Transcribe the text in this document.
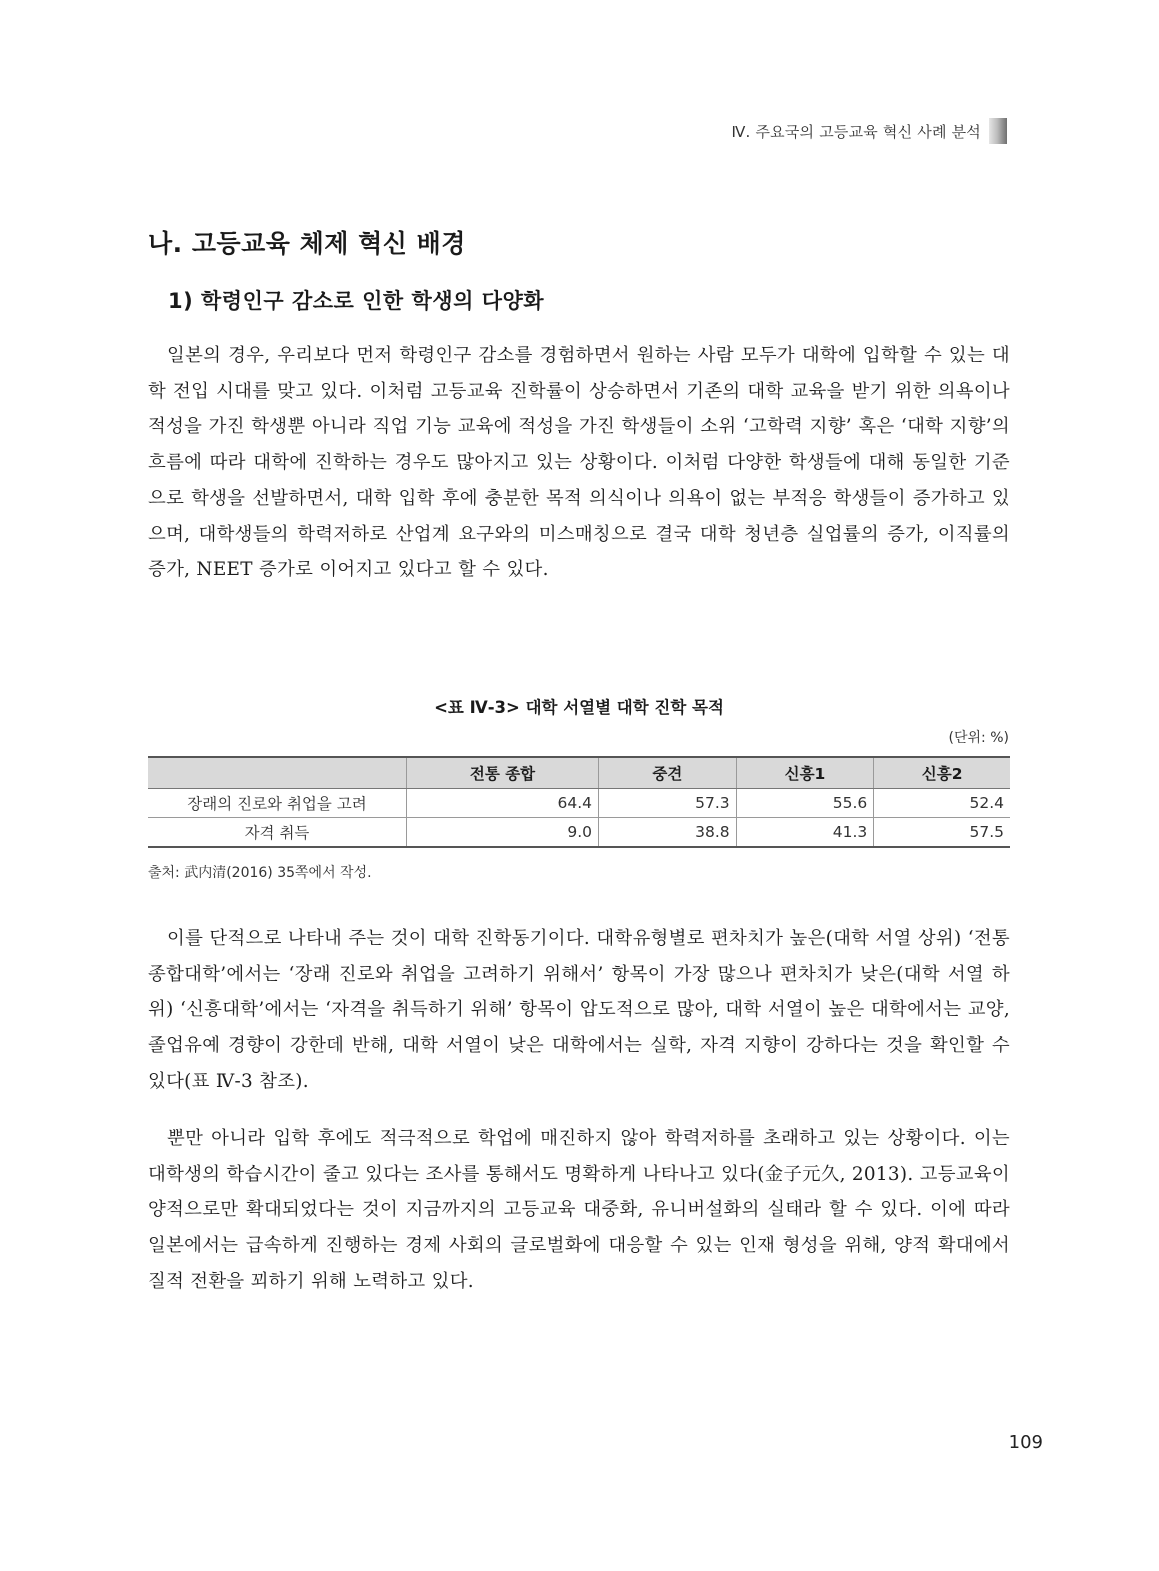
Ⅳ. 주요국의 고등교육 혁신 사례 분석
나. 고등교육 체제 혁신 배경
1) 학령인구 감소로 인한 학생의 다양화

일본의 경우, 우리보다 먼저 학령인구 감소를 경험하면서 원하는 사람 모두가 대학에 입학할 수 있는 대학 전입 시대를 맞고 있다. 이처럼 고등교육 진학률이 상승하면서 기존의 대학 교육을 받기 위한 의욕이나 적성을 가진 학생뿐 아니라 직업 기능 교육에 적성을 가진 학생들이 소위 ‘고학력 지향’ 혹은 ‘대학 지향’의 흐름에 따라 대학에 진학하는 경우도 많아지고 있는 상황이다. 이처럼 다양한 학생들에 대해 동일한 기준으로 학생을 선발하면서, 대학 입학 후에 충분한 목적 의식이나 의욕이 없는 부적응 학생들이 증가하고 있으며, 대학생들의 학력저하로 산업계 요구와의 미스매칭으로 결국 대학 청년층 실업률의 증가, 이직률의 증가, NEET 증가로 이어지고 있다고 할 수 있다.

<표 Ⅳ-3> 대학 서열별 대학 진학 목적
(단위: %)
	전통 종합	중견	신흥1	신흥2
장래의 진로와 취업을 고려	64.4	57.3	55.6	52.4
자격 취득	9.0	38.8	41.3	57.5
출처: 武内清(2016) 35쪽에서 작성.

이를 단적으로 나타내 주는 것이 대학 진학동기이다. 대학유형별로 편차치가 높은(대학 서열 상위) ‘전통종합대학’에서는 ‘장래 진로와 취업을 고려하기 위해서’ 항목이 가장 많으나 편차치가 낮은(대학 서열 하위) ‘신흥대학’에서는 ‘자격을 취득하기 위해’ 항목이 압도적으로 많아, 대학 서열이 높은 대학에서는 교양, 졸업유예 경향이 강한데 반해, 대학 서열이 낮은 대학에서는 실학, 자격 지향이 강하다는 것을 확인할 수 있다(표 Ⅳ-3 참조).

뿐만 아니라 입학 후에도 적극적으로 학업에 매진하지 않아 학력저하를 초래하고 있는 상황이다. 이는 대학생의 학습시간이 줄고 있다는 조사를 통해서도 명확하게 나타나고 있다(金子元久, 2013). 고등교육이 양적으로만 확대되었다는 것이 지금까지의 고등교육 대중화, 유니버설화의 실태라 할 수 있다. 이에 따라 일본에서는 급속하게 진행하는 경제 사회의 글로벌화에 대응할 수 있는 인재 형성을 위해, 양적 확대에서 질적 전환을 꾀하기 위해 노력하고 있다.

109
